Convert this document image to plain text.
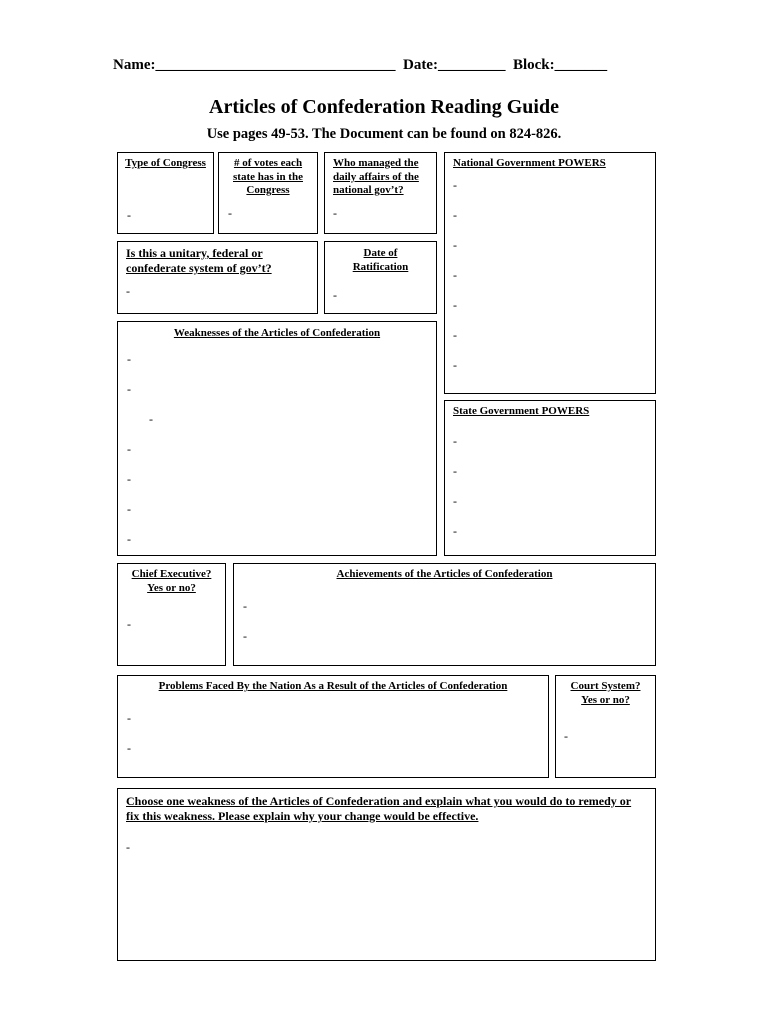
Name:________________________________ Date:_________ Block:_______
Articles of Confederation Reading Guide
Use pages 49-53. The Document can be found on 824-826.
Type of Congress
-
# of votes each state has in the Congress
-
Who managed the daily affairs of the national gov’t?
-
National Government POWERS
-
-
-
-
-
-
-
Is this a unitary, federal or confederate system of gov’t?
-
Date of Ratification
-
Weaknesses of the Articles of Confederation
-
-
-
-
-
-
-
State Government POWERS
-
-
-
-
Chief Executive? Yes or no?
-
Achievements of the Articles of Confederation
-
-
Problems Faced By the Nation As a Result of the Articles of Confederation
-
-
Court System? Yes or no?
-
Choose one weakness of the Articles of Confederation and explain what you would do to remedy or fix this weakness. Please explain why your change would be effective.
-
